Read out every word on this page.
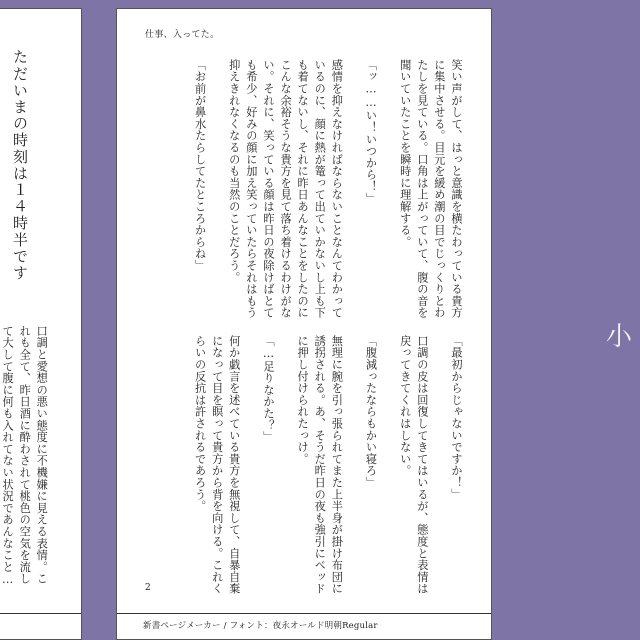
ただいまの時刻は１４時半です
口調と愛想の悪い態度に不機嫌に見える表情。こ
れも全て、昨日酒に酔わされて桃色の空気を流し
て大して腹に何も入れてない状況であんなこと…
仕事、入ってた。
笑い声がして、はっと意識を横たわっている貴方
に集中させる。目元を緩め潮の目でじっくりとわ
たしを見ている。口角は上がっていて、腹の音を
聞いていたことを瞬時に理解する。

「ッ……い！いつから！」

感情を抑えなければならないことなんてわかって
いるのに、顔に熱が篭って出ていかないし上も下
も着てないし、それに昨日あんなことをしたのに
こんな余裕そうな貴方を見て落ち着けるわけがな
い。それに、笑っている顔は昨日の夜除けばとて
も希少、好みの顔に加え笑っていたらそれはもう
抑えきれなくなるのも当然のことだろう。

「お前が鼻水たらしてたところからね」
「最初からじゃないですか！」

口調の皮は回復してきてはいるが、態度と表情は
戻ってきてくれはしない。

「腹減ったならもかい寝ろ」

無理に腕を引っ張られてまた上半身が掛け布団に
誘拐される。あ、そうだ昨日の夜も強引にベッド
に押し付けられたっけ。

「…足りなかた？」

何か戯言を述べている貴方を無視して、自暴自棄
になって目を瞑って貴方から背を向ける。これく
らいの反抗は許されるであろう。
2
新書ページメーカー / フォント：夜永オールド明朝Regular
小
